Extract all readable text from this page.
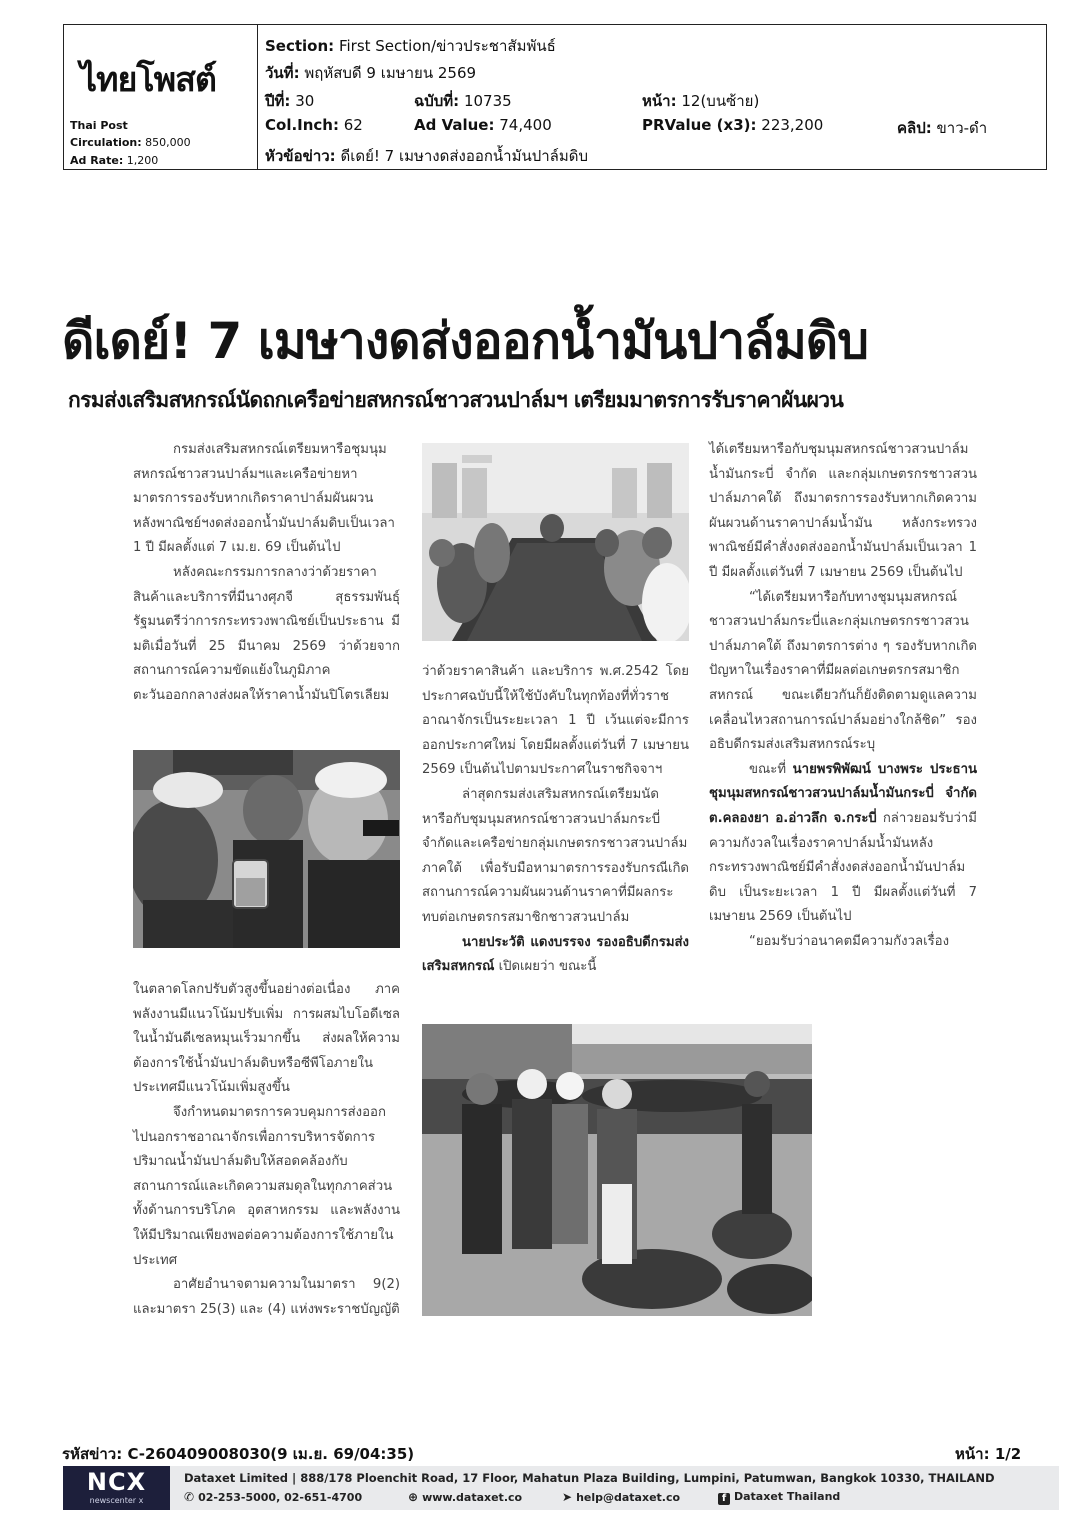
ไทยโพสต์
Thai Post
Circulation: 850,000
Ad Rate: 1,200
Section: First Section/ข่าวประชาสัมพันธ์
วันที่: พฤหัสบดี 9 เมษายน 2569
ปีที่: 30	ฉบับที่: 10735	หน้า: 12(บนซ้าย)
Col.Inch: 62	Ad Value: 74,400	PRValue (x3): 223,200	คลิป: ขาว-ดำ
หัวข้อข่าว: ดีเดย์! 7 เมษางดส่งออกน้ำมันปาล์มดิบ
ดีเดย์! 7 เมษางดส่งออกน้ำมันปาล์มดิบ
กรมส่งเสริมสหกรณ์นัดถกเครือข่ายสหกรณ์ชาวสวนปาล์มฯ เตรียมมาตรการรับราคาผันผวน

กรมส่งเสริมสหกรณ์เตรียมหารือชุมนุมสหกรณ์ชาวสวนปาล์มฯและเครือข่ายหามาตรการรองรับหากเกิดราคาปาล์มผันผวน หลังพาณิชย์ฯงดส่งออกน้ำมันปาล์มดิบเป็นเวลา 1 ปี มีผลตั้งแต่ 7 เม.ย. 69 เป็นต้นไป

หลังคณะกรรมการกลางว่าด้วยราคาสินค้าและบริการที่มีนางศุภจี สุธรรมพันธุ์ รัฐมนตรีว่าการกระทรวงพาณิชย์เป็นประธาน มีมติเมื่อวันที่ 25 มีนาคม 2569 ว่าด้วยจากสถานการณ์ความขัดแย้งในภูมิภาคตะวันออกกลางส่งผลให้ราคาน้ำมันปิโตรเลียม

ในตลาดโลกปรับตัวสูงขึ้นอย่างต่อเนื่อง ภาคพลังงานมีแนวโน้มปรับเพิ่ม การผสมไบโอดีเซลในน้ำมันดีเซลหมุนเร็วมากขึ้น ส่งผลให้ความต้องการใช้น้ำมันปาล์มดิบหรือซีพีโอภายในประเทศมีแนวโน้มเพิ่มสูงขึ้น

จึงกำหนดมาตรการควบคุมการส่งออกไปนอกราชอาณาจักรเพื่อการบริหารจัดการปริมาณน้ำมันปาล์มดิบให้สอดคล้องกับสถานการณ์และเกิดความสมดุลในทุกภาคส่วน ทั้งด้านการบริโภค อุตสาหกรรม และพลังงานให้มีปริมาณเพียงพอต่อความต้องการใช้ภายในประเทศ

อาศัยอำนาจตามความในมาตรา 9(2) และมาตรา 25(3) และ (4) แห่งพระราชบัญญัติ

ว่าด้วยราคาสินค้า และบริการ พ.ศ.2542 โดยประกาศฉบับนี้ให้ใช้บังคับในทุกท้องที่ทั่วราชอาณาจักรเป็นระยะเวลา 1 ปี เว้นแต่จะมีการออกประกาศใหม่ โดยมีผลตั้งแต่วันที่ 7 เมษายน 2569 เป็นต้นไปตามประกาศในราชกิจจาฯ

ล่าสุดกรมส่งเสริมสหกรณ์เตรียมนัดหารือกับชุมนุมสหกรณ์ชาวสวนปาล์มกระบี่ จำกัดและเครือข่ายกลุ่มเกษตรกรชาวสวนปาล์มภาคใต้ เพื่อรับมือหามาตรการรองรับกรณีเกิดสถานการณ์ความผันผวนด้านราคาที่มีผลกระทบต่อเกษตรกรสมาชิกชาวสวนปาล์ม

นายประวัติ แดงบรรจง รองอธิบดีกรมส่งเสริมสหกรณ์ เปิดเผยว่า ขณะนี้

ได้เตรียมหารือกับชุมนุมสหกรณ์ชาวสวนปาล์มน้ำมันกระบี่ จำกัด และกลุ่มเกษตรกรชาวสวนปาล์มภาคใต้ ถึงมาตรการรองรับหากเกิดความผันผวนด้านราคาปาล์มน้ำมัน หลังกระทรวงพาณิชย์มีคำสั่งงดส่งออกน้ำมันปาล์มเป็นเวลา 1 ปี มีผลตั้งแต่วันที่ 7 เมษายน 2569 เป็นต้นไป

“ได้เตรียมหารือกับทางชุมนุมสหกรณ์ชาวสวนปาล์มกระบี่และกลุ่มเกษตรกรชาวสวนปาล์มภาคใต้ ถึงมาตรการต่าง ๆ รองรับหากเกิดปัญหาในเรื่องราคาที่มีผลต่อเกษตรกรสมาชิกสหกรณ์ ขณะเดียวกันก็ยังติดตามดูแลความเคลื่อนไหวสถานการณ์ปาล์มอย่างใกล้ชิด” รองอธิบดีกรมส่งเสริมสหกรณ์ระบุ

ขณะที่ นายพรพิพัฒน์ บางพระ ประธานชุมนุมสหกรณ์ชาวสวนปาล์มน้ำมันกระบี่ จำกัด ต.คลองยา อ.อ่าวลึก จ.กระบี่ กล่าวยอมรับว่ามีความกังวลในเรื่องราคาปาล์มน้ำมันหลังกระทรวงพาณิชย์มีคำสั่งงดส่งออกน้ำมันปาล์มดิบ เป็นระยะเวลา 1 ปี มีผลตั้งแต่วันที่ 7 เมษายน 2569 เป็นต้นไป

“ยอมรับว่าอนาคตมีความกังวลเรื่อง

รหัสข่าว: C-260409008030(9 เม.ย. 69/04:35)	หน้า: 1/2
NCX
newscenter x
Dataxet Limited | 888/178 Ploenchit Road, 17 Floor, Mahatun Plaza Building, Lumpini, Patumwan, Bangkok 10330, THAILAND
✆ 02-253-5000, 02-651-4700	⊕ www.dataxet.co	➤ help@dataxet.co	f Dataxet Thailand
